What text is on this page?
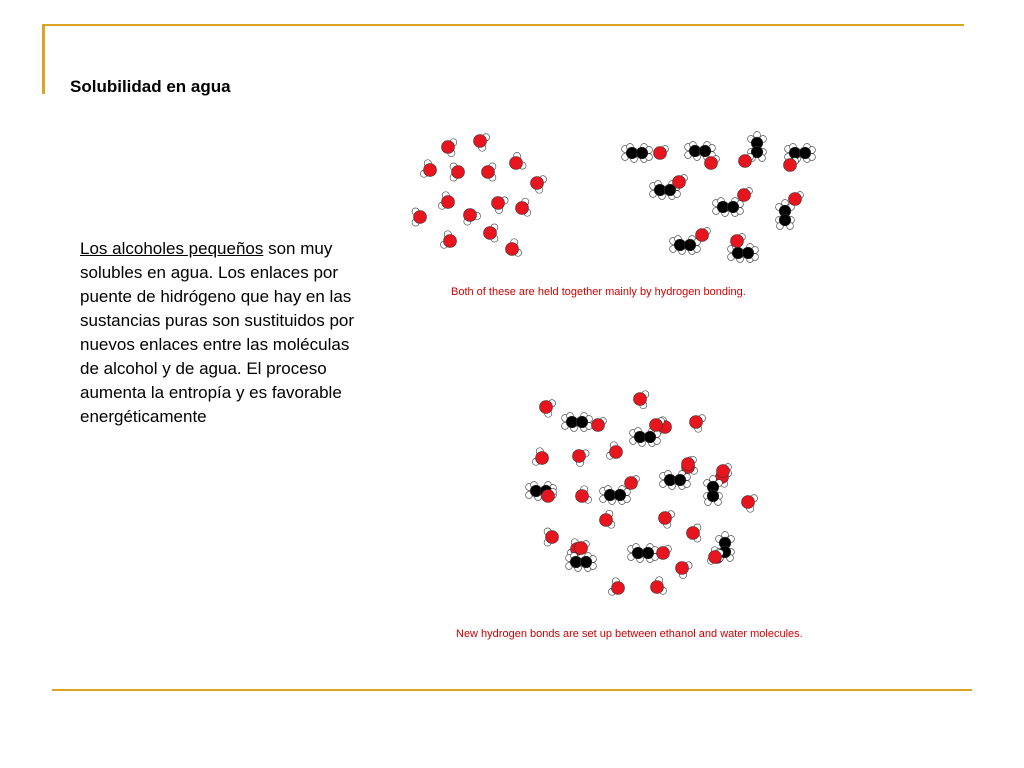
Solubilidad en agua
Los alcoholes pequeños son muy solubles en agua. Los enlaces por puente de hidrógeno que hay en las sustancias puras son sustituidos por nuevos enlaces entre las moléculas de alcohol y de agua. El proceso aumenta la entropía y es favorable energéticamente
Both of these are held together mainly by hydrogen bonding.
New hydrogen bonds are set up between ethanol and water molecules.
